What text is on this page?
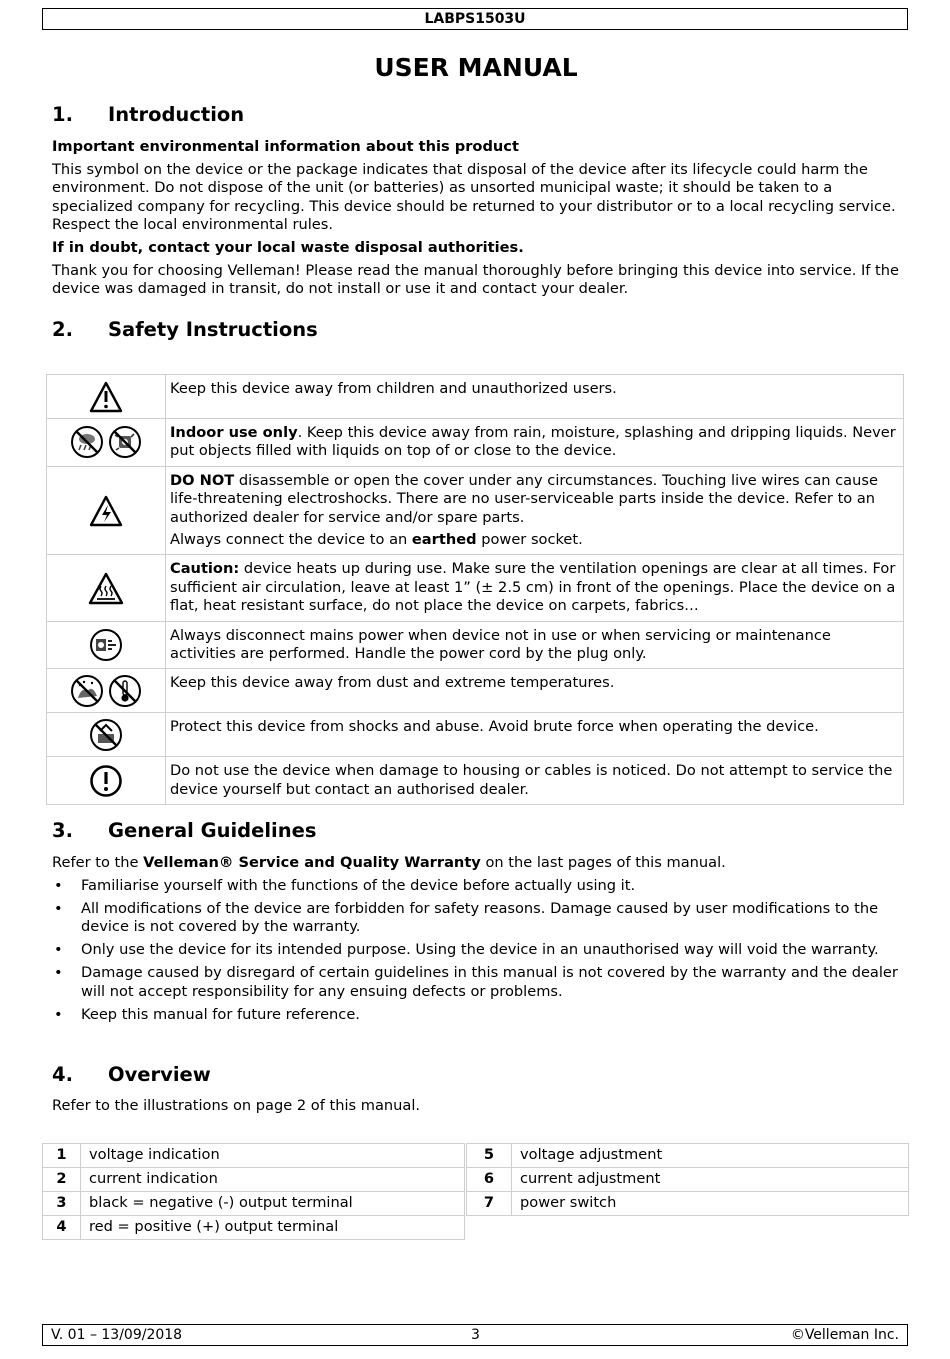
LABPS1503U
USER MANUAL
1. Introduction
Important environmental information about this product
This symbol on the device or the package indicates that disposal of the device after its lifecycle could harm the environment. Do not dispose of the unit (or batteries) as unsorted municipal waste; it should be taken to a specialized company for recycling. This device should be returned to your distributor or to a local recycling service. Respect the local environmental rules.
If in doubt, contact your local waste disposal authorities.
Thank you for choosing Velleman! Please read the manual thoroughly before bringing this device into service. If the device was damaged in transit, do not install or use it and contact your dealer.
2. Safety Instructions

Keep this device away from children and unauthorized users.

Indoor use only. Keep this device away from rain, moisture, splashing and dripping liquids. Never put objects filled with liquids on top of or close to the device.

DO NOT disassemble or open the cover under any circumstances. Touching live wires can cause life-threatening electroshocks. There are no user-serviceable parts inside the device. Refer to an authorized dealer for service and/or spare parts.

Always connect the device to an earthed power socket.

Caution: device heats up during use. Make sure the ventilation openings are clear at all times. For sufficient air circulation, leave at least 1” (± 2.5 cm) in front of the openings. Place the device on a flat, heat resistant surface, do not place the device on carpets, fabrics…

Always disconnect mains power when device not in use or when servicing or maintenance activities are performed. Handle the power cord by the plug only.

Keep this device away from dust and extreme temperatures.

Protect this device from shocks and abuse. Avoid brute force when operating the device.

Do not use the device when damage to housing or cables is noticed. Do not attempt to service the device yourself but contact an authorised dealer.

3. General Guidelines
Refer to the Velleman® Service and Quality Warranty on the last pages of this manual.
• Familiarise yourself with the functions of the device before actually using it.
• All modifications of the device are forbidden for safety reasons. Damage caused by user modifications to the device is not covered by the warranty.
• Only use the device for its intended purpose. Using the device in an unauthorised way will void the warranty.
• Damage caused by disregard of certain guidelines in this manual is not covered by the warranty and the dealer will not accept responsibility for any ensuing defects or problems.
• Keep this manual for future reference.
4. Overview
Refer to the illustrations on page 2 of this manual.
1	voltage indication
2	current indication
3	black = negative (-) output terminal
4	red = positive (+) output terminal
5	voltage adjustment
6	current adjustment
7	power switch
V. 01 – 13/09/2018	3	©Velleman Inc.
